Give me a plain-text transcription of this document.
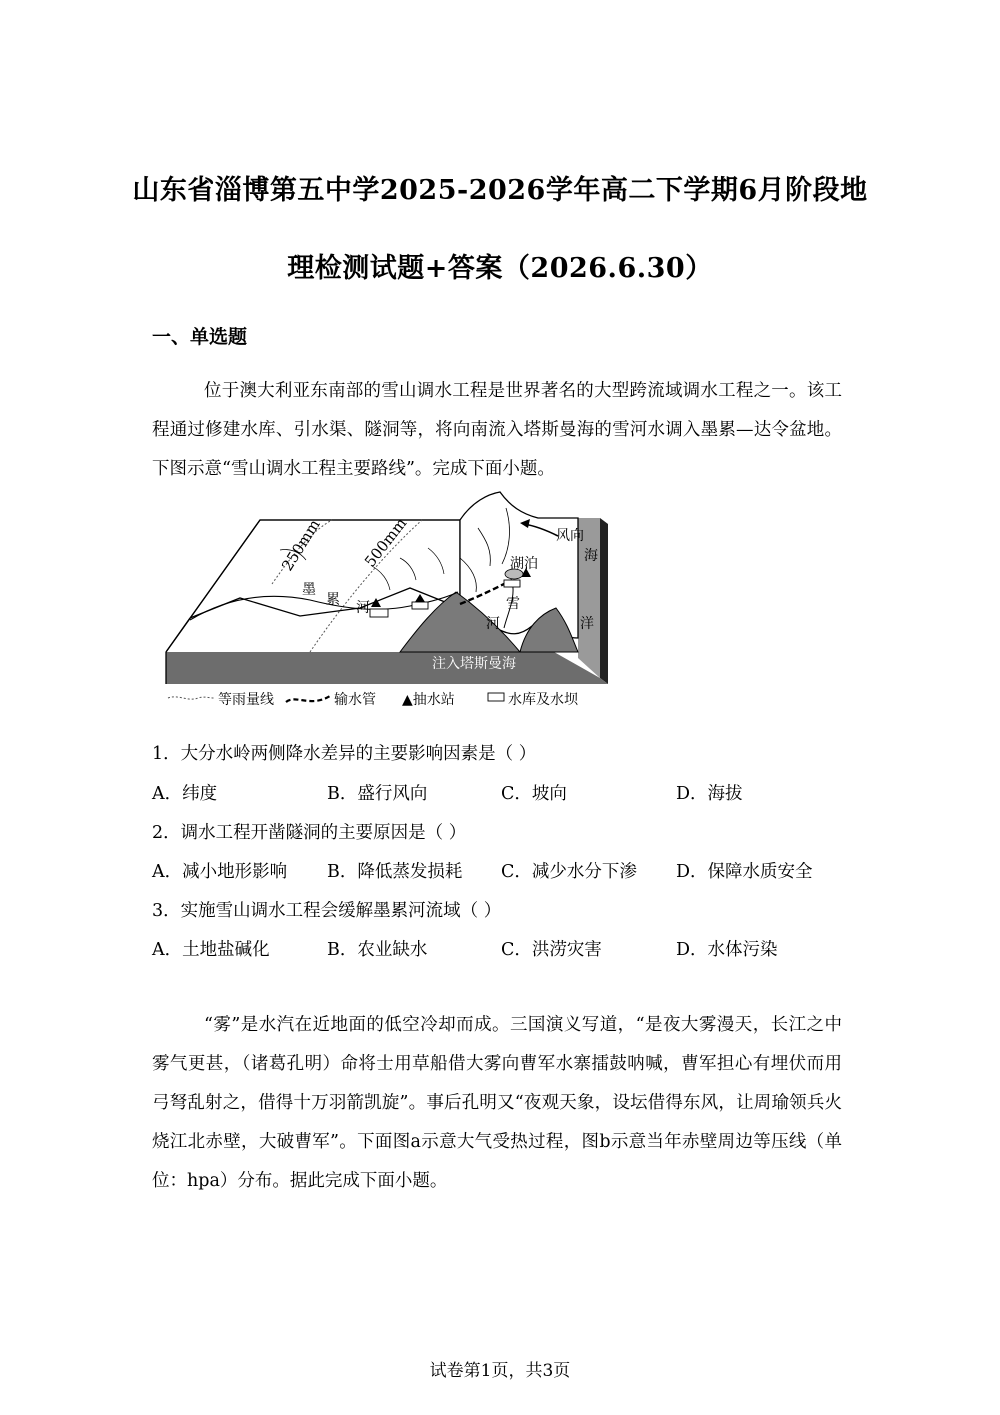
山东省淄博第五中学2025-2026学年高二下学期6月阶段地
理检测试题+答案（2026.6.30）
一、单选题
位于澳大利亚东南部的雪山调水工程是世界著名的大型跨流域调水工程之一。该工程通过修建水库、引水渠、隧洞等，将向南流入塔斯曼海的雪河水调入墨累—达令盆地。下图示意“雪山调水工程主要路线”。完成下面小题。
250mm 500mm	风向
湖泊	海
洋
墨
累 河	雪
河
注入塔斯曼海
等雨量线	输水管 ▲抽水站	水库及水坝
1．大分水岭两侧降水差异的主要影响因素是（ ）
A．纬度	B．盛行风向	C．坡向	D．海拔
2．调水工程开凿隧洞的主要原因是（ ）
A．减小地形影响 B．降低蒸发损耗 C．减少水分下渗 D．保障水质安全
3．实施雪山调水工程会缓解墨累河流域（ ）
A．土地盐碱化	B．农业缺水	C．洪涝灾害	D．水体污染
“雾”是水汽在近地面的低空冷却而成。三国演义写道，“是夜大雾漫天，长江之中雾气更甚，（诸葛孔明）命将士用草船借大雾向曹军水寨擂鼓呐喊，曹军担心有埋伏而用弓弩乱射之，借得十万羽箭凯旋”。事后孔明又“夜观天象，设坛借得东风，让周瑜领兵火烧江北赤壁，大破曹军”。下面图a示意大气受热过程，图b示意当年赤壁周边等压线（单位：hpa）分布。据此完成下面小题。
试卷第1页，共3页
